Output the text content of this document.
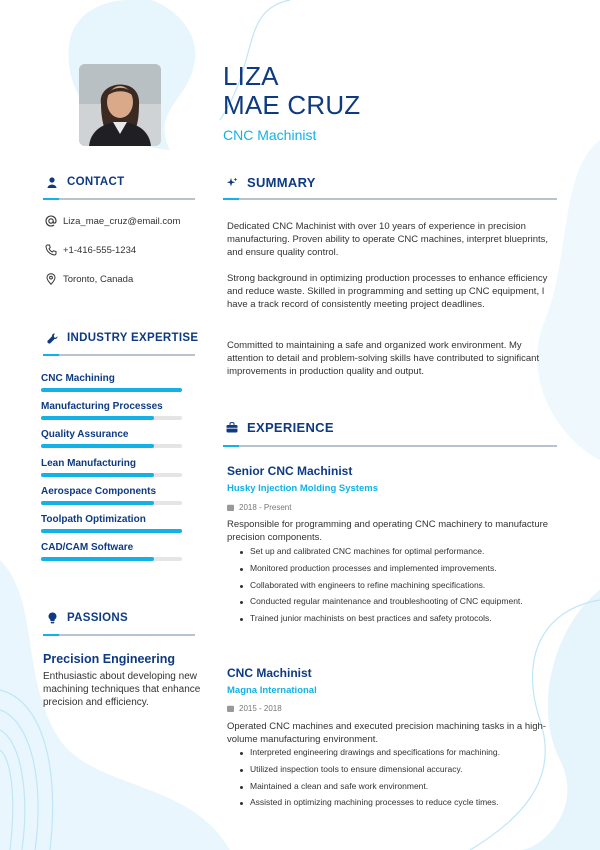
LIZA
MAE CRUZ
CNC Machinist
CONTACT
Liza_mae_cruz@email.com
+1-416-555-1234
Toronto, Canada
INDUSTRY EXPERTISE
CNC Machining
Manufacturing Processes
Quality Assurance
Lean Manufacturing
Aerospace Components
Toolpath Optimization
CAD/CAM Software
PASSIONS
Precision Engineering
Enthusiastic about developing new machining techniques that enhance precision and efficiency.
SUMMARY

Dedicated CNC Machinist with over 10 years of experience in precision manufacturing. Proven ability to operate CNC machines, interpret blueprints, and ensure quality control.

Strong background in optimizing production processes to enhance efficiency and reduce waste. Skilled in programming and setting up CNC equipment, I have a track record of consistently meeting project deadlines.

Committed to maintaining a safe and organized work environment. My attention to detail and problem-solving skills have contributed to significant improvements in production quality and output.

EXPERIENCE
Senior CNC Machinist
Husky Injection Molding Systems
2018 - Present
Responsible for programming and operating CNC machinery to manufacture precision components.
Set up and calibrated CNC machines for optimal performance.
Monitored production processes and implemented improvements.
Collaborated with engineers to refine machining specifications.
Conducted regular maintenance and troubleshooting of CNC equipment.
Trained junior machinists on best practices and safety protocols.
CNC Machinist
Magna International
2015 - 2018
Operated CNC machines and executed precision machining tasks in a high-volume manufacturing environment.
Interpreted engineering drawings and specifications for machining.
Utilized inspection tools to ensure dimensional accuracy.
Maintained a clean and safe work environment.
Assisted in optimizing machining processes to reduce cycle times.
